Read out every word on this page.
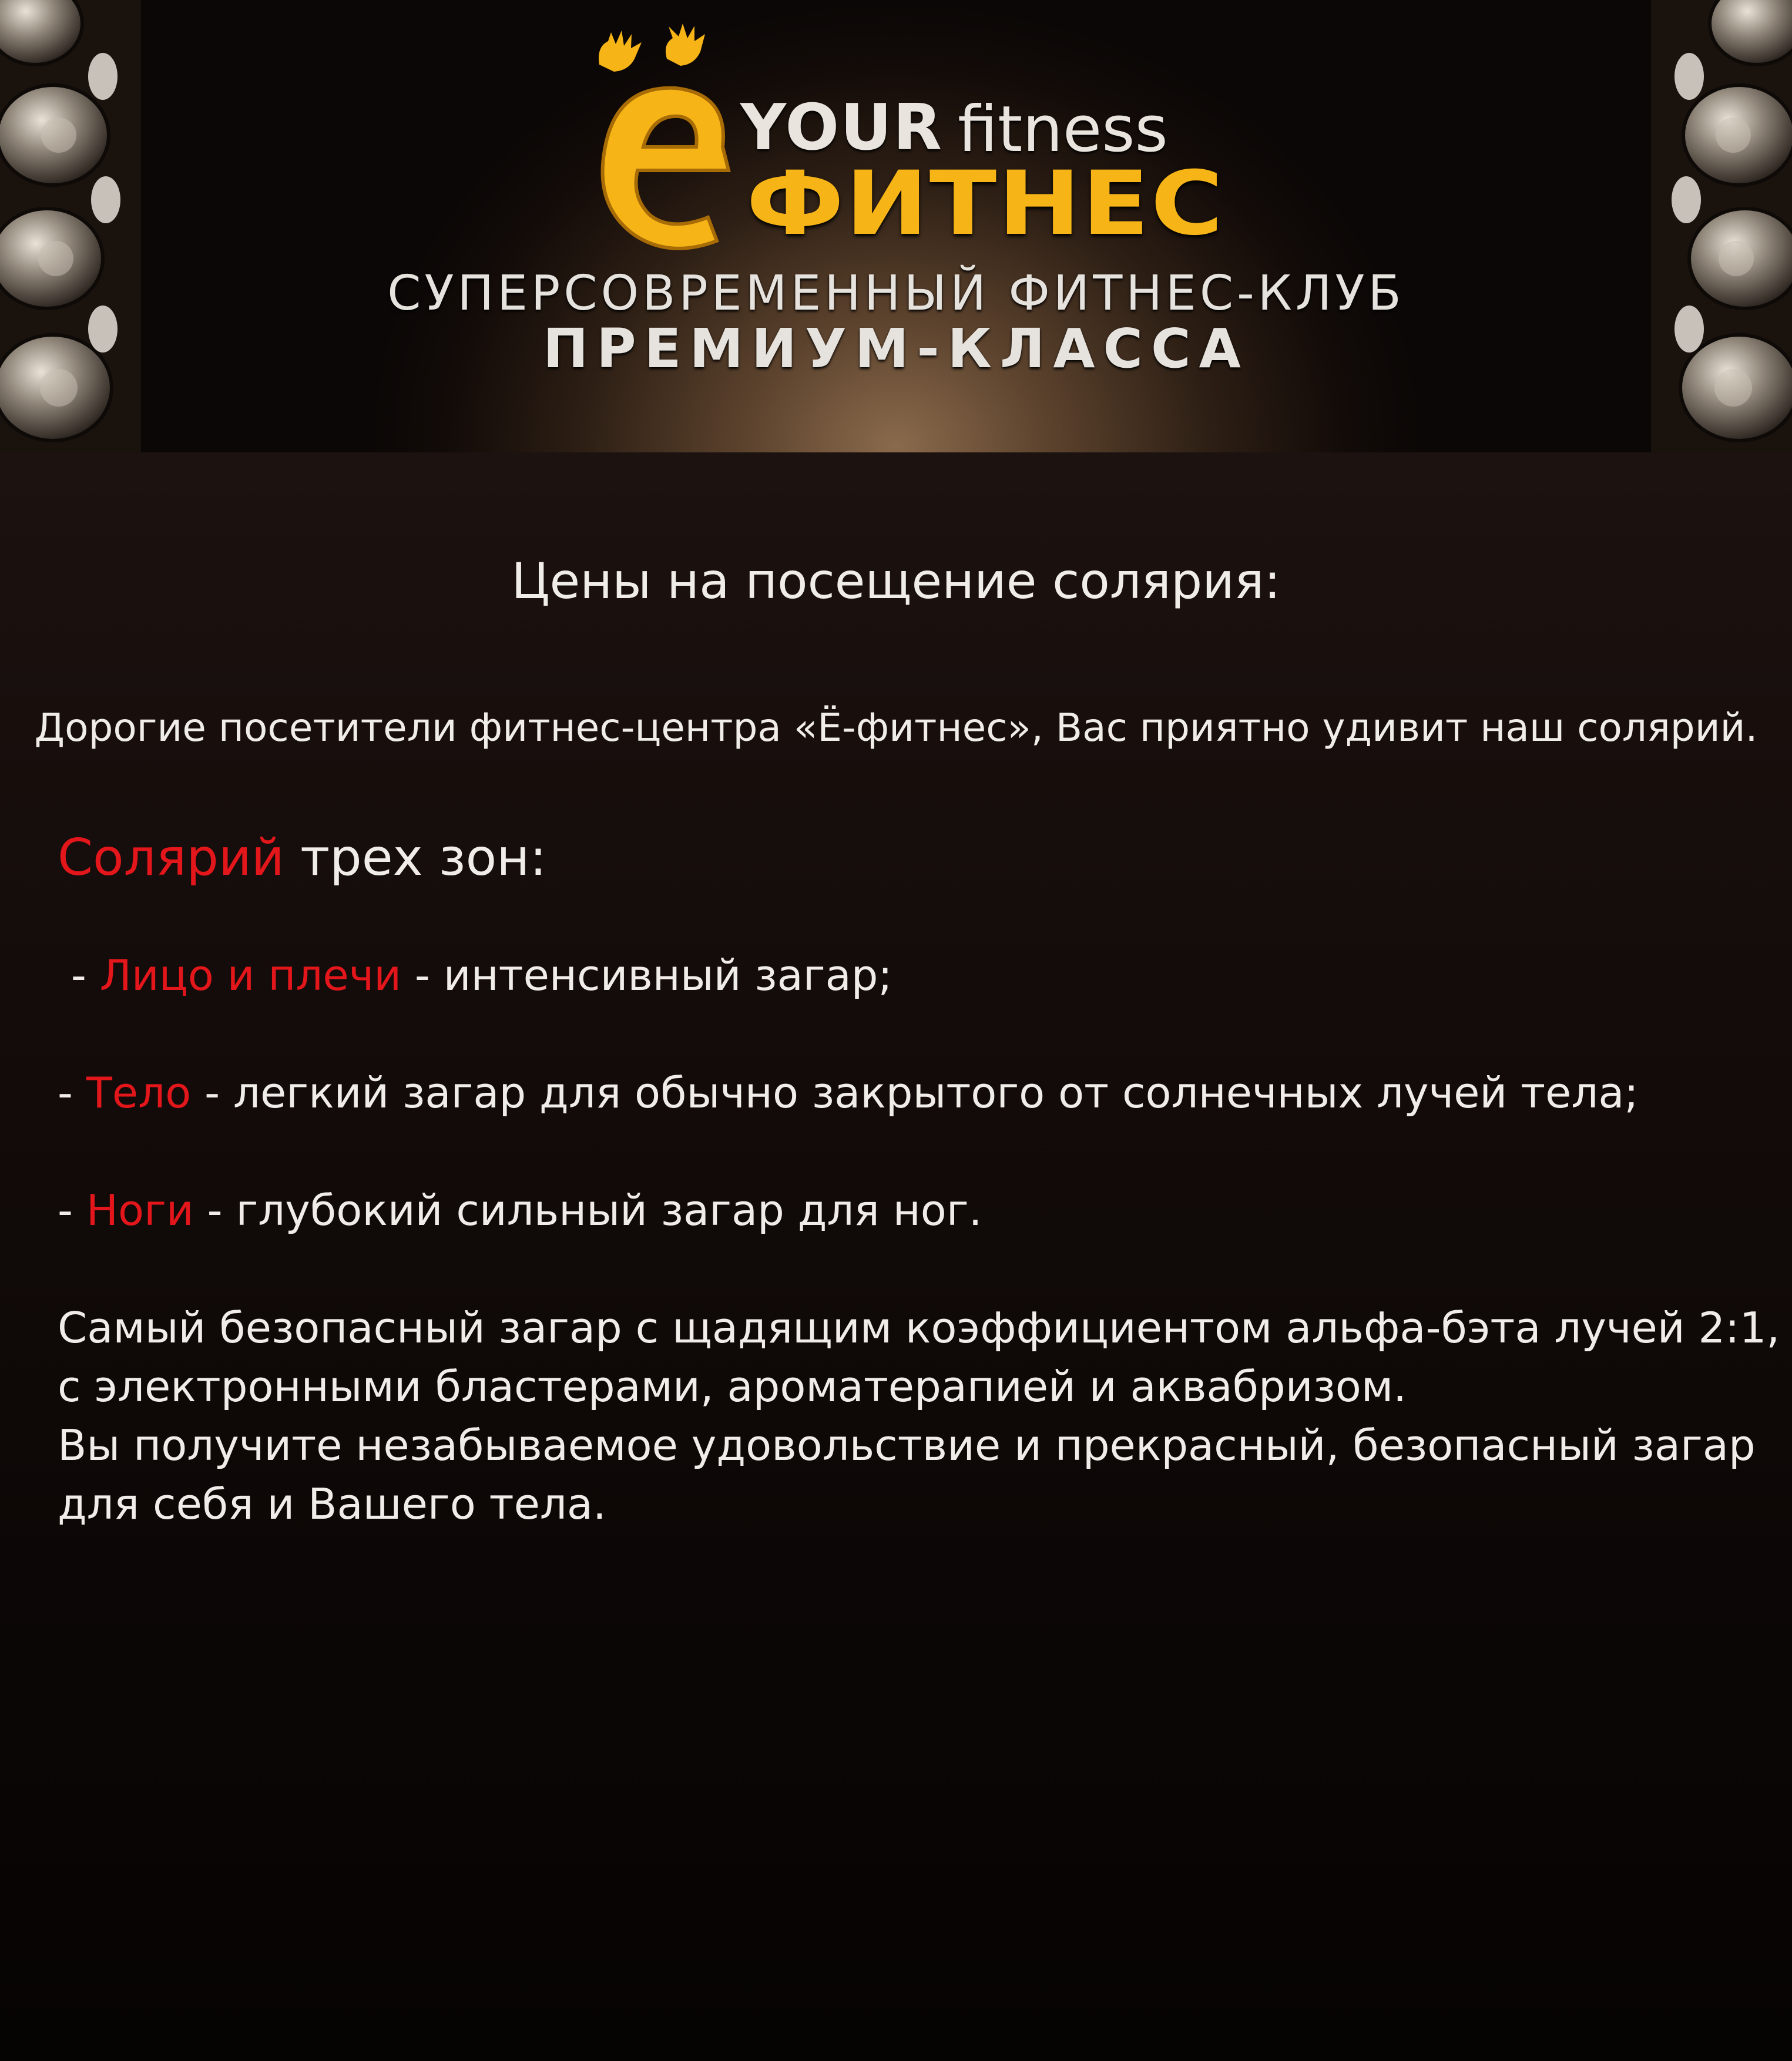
YOUR fitness
ФИТНЕС
СУПЕРСОВРЕМЕННЫЙ ФИТНЕС-КЛУБ
ПРЕМИУМ-КЛАССА
Цены на посещение солярия:
Дорогие посетители фитнес-центра «Ё-фитнес», Вас приятно удивит наш солярий.
Солярий трех зон:
- Лицо и плечи - интенсивный загар;
- Тело - легкий загар для обычно закрытого от солнечных лучей тела;
- Ноги - глубокий сильный загар для ног.
Самый безопасный загар с щадящим коэффициентом альфа-бэта лучей 2:1,
с электронными бластерами, ароматерапией и аквабризом.
Вы получите незабываемое удовольствие и прекрасный, безопасный загар
для себя и Вашего тела.
